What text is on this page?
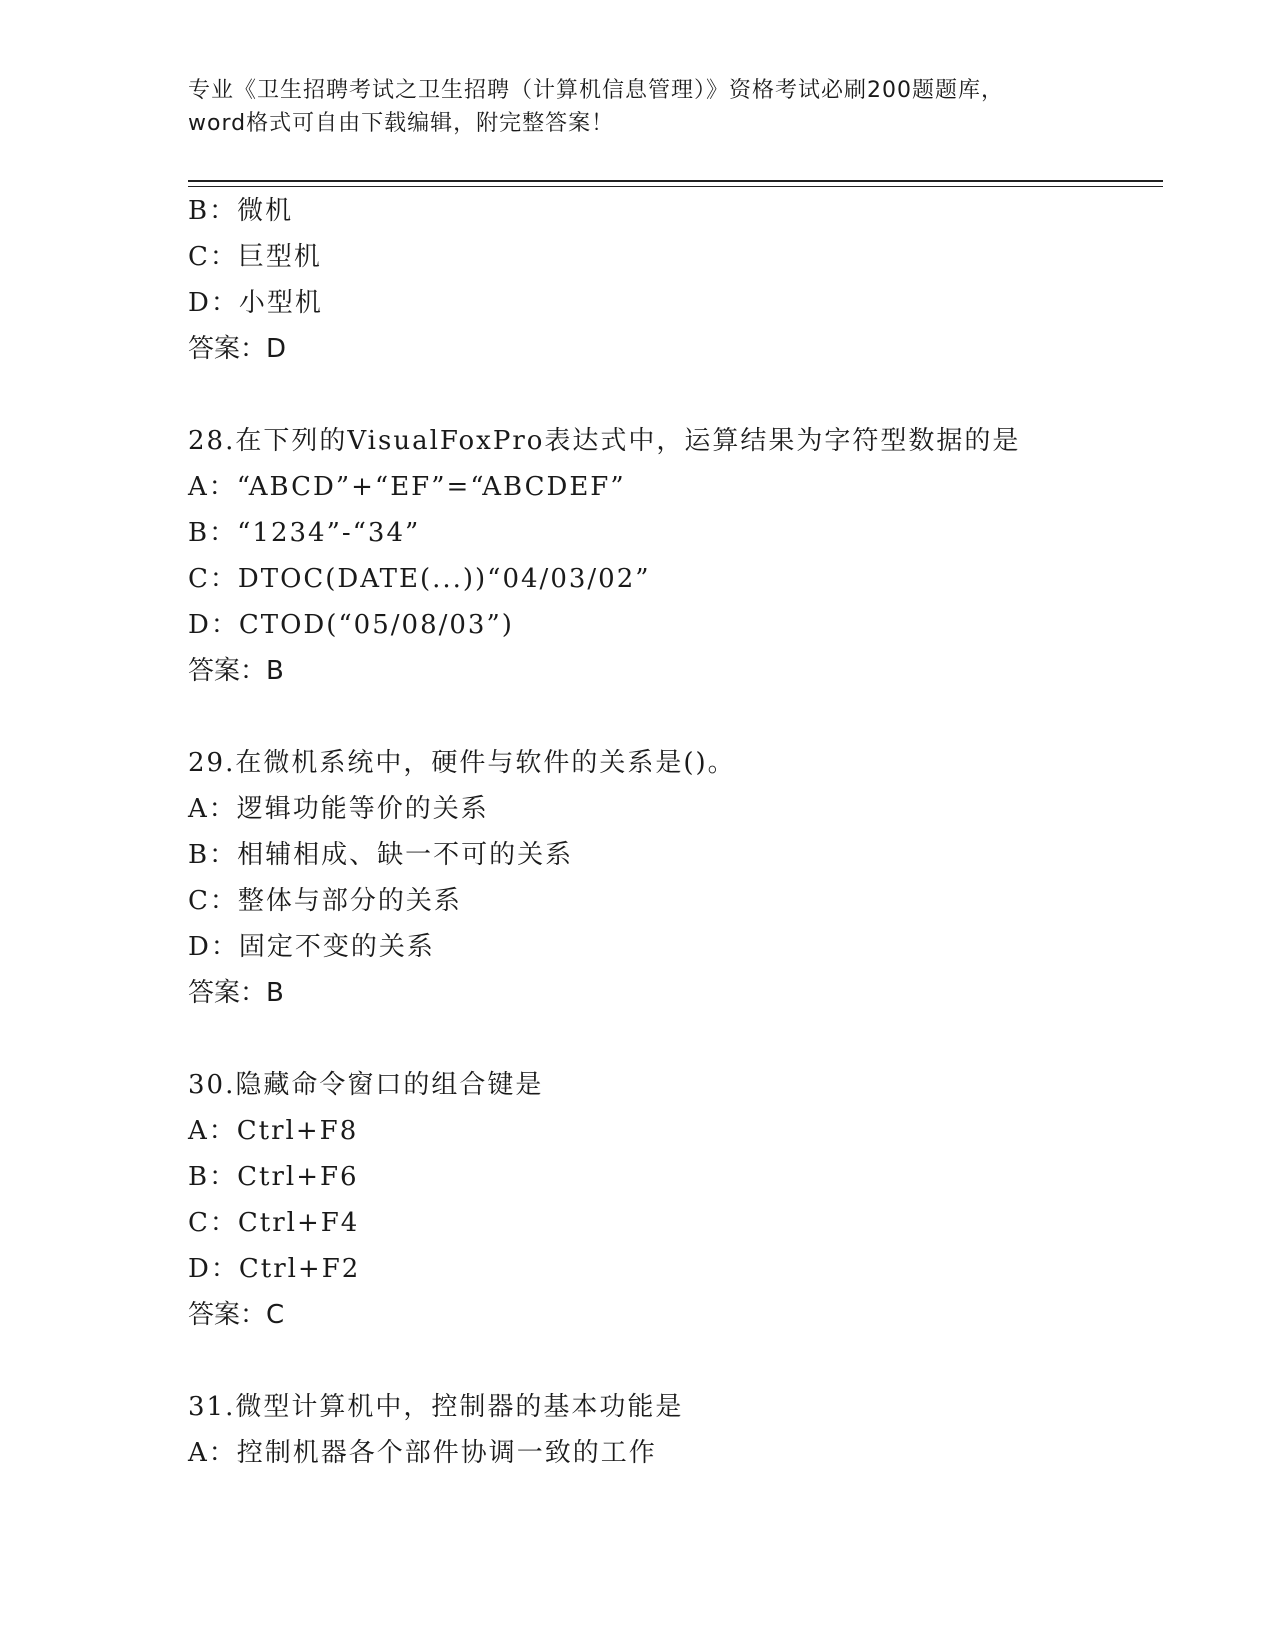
专业《卫生招聘考试之卫生招聘（计算机信息管理）》资格考试必刷200题题库，
word格式可自由下载编辑，附完整答案！
B：微机
C：巨型机
D：小型机
答案：D
28.在下列的VisualFoxPro表达式中，运算结果为字符型数据的是
A：“ABCD”+“EF”=“ABCDEF”
B：“1234”-“34”
C：DTOC(DATE(...))“04/03/02”
D：CTOD(“05/08/03”)
答案：B
29.在微机系统中，硬件与软件的关系是()。
A：逻辑功能等价的关系
B：相辅相成、缺一不可的关系
C：整体与部分的关系
D：固定不变的关系
答案：B
30.隐藏命令窗口的组合键是
A：Ctrl+F8
B：Ctrl+F6
C：Ctrl+F4
D：Ctrl+F2
答案：C
31.微型计算机中，控制器的基本功能是
A：控制机器各个部件协调一致的工作
